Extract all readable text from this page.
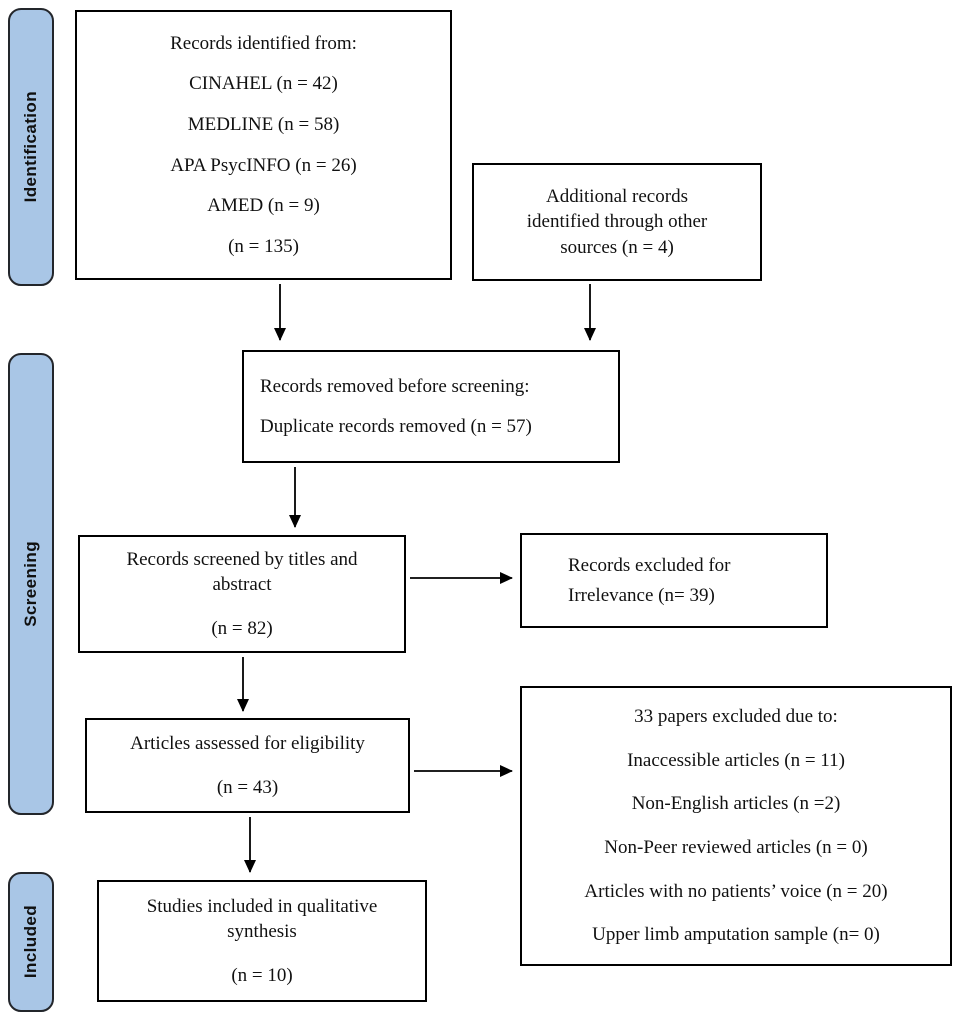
Identification
Screening
Included
Records identified from:
CINAHEL (n = 42)
MEDLINE (n = 58)
APA PsycINFO (n = 26)
AMED (n = 9)
(n = 135)
Additional records
identified through other
sources (n = 4)
Records removed before screening:
Duplicate records removed (n = 57)
Records screened by titles and
abstract
(n = 82)
Records excluded for
Irrelevance (n= 39)
Articles assessed for eligibility
(n = 43)
33 papers excluded due to:
Inaccessible articles (n = 11)
Non-English articles (n =2)
Non-Peer reviewed articles (n = 0)
Articles with no patients’ voice (n = 20)
Upper limb amputation sample (n= 0)
Studies included in qualitative
synthesis
(n = 10)
